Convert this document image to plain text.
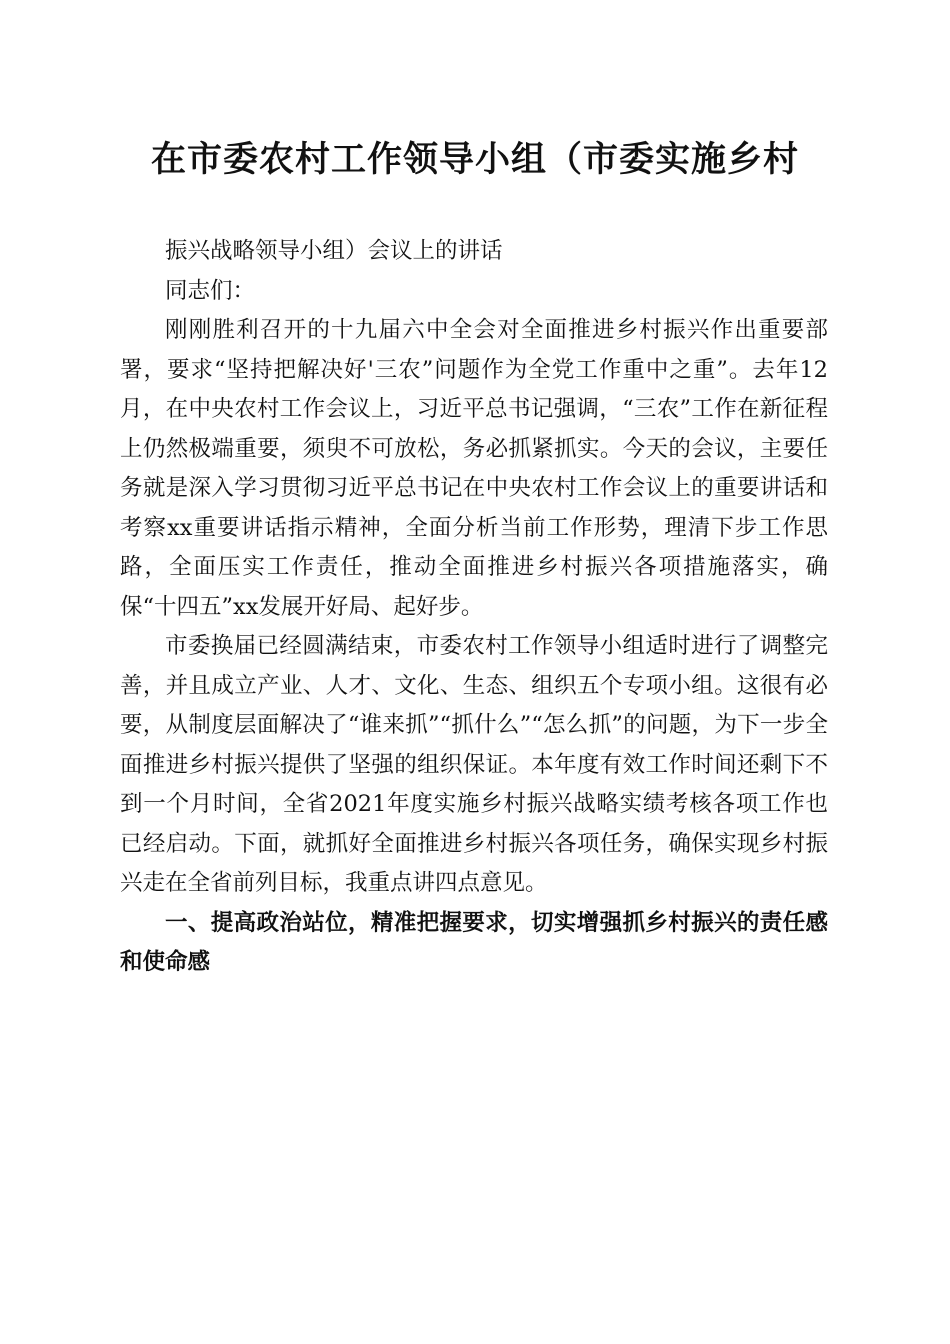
在市委农村工作领导小组（市委实施乡村

振兴战略领导小组）会议上的讲话

同志们：

刚刚胜利召开的十九届六中全会对全面推进乡村振兴作出重要部署，要求“坚持把解决好'三农”问题作为全党工作重中之重”。去年12月，在中央农村工作会议上，习近平总书记强调，“三农”工作在新征程上仍然极端重要，须臾不可放松，务必抓紧抓实。今天的会议，主要任务就是深入学习贯彻习近平总书记在中央农村工作会议上的重要讲话和考察xx重要讲话指示精神，全面分析当前工作形势，理清下步工作思路，全面压实工作责任，推动全面推进乡村振兴各项措施落实，确保“十四五”xx发展开好局、起好步。

市委换届已经圆满结束，市委农村工作领导小组适时进行了调整完善，并且成立产业、人才、文化、生态、组织五个专项小组。这很有必要，从制度层面解决了“谁来抓”“抓什么”“怎么抓”的问题，为下一步全面推进乡村振兴提供了坚强的组织保证。本年度有效工作时间还剩下不到一个月时间，全省2021年度实施乡村振兴战略实绩考核各项工作也已经启动。下面，就抓好全面推进乡村振兴各项任务，确保实现乡村振兴走在全省前列目标，我重点讲四点意见。

一、提高政治站位，精准把握要求，切实增强抓乡村振兴的责任感和使命感
